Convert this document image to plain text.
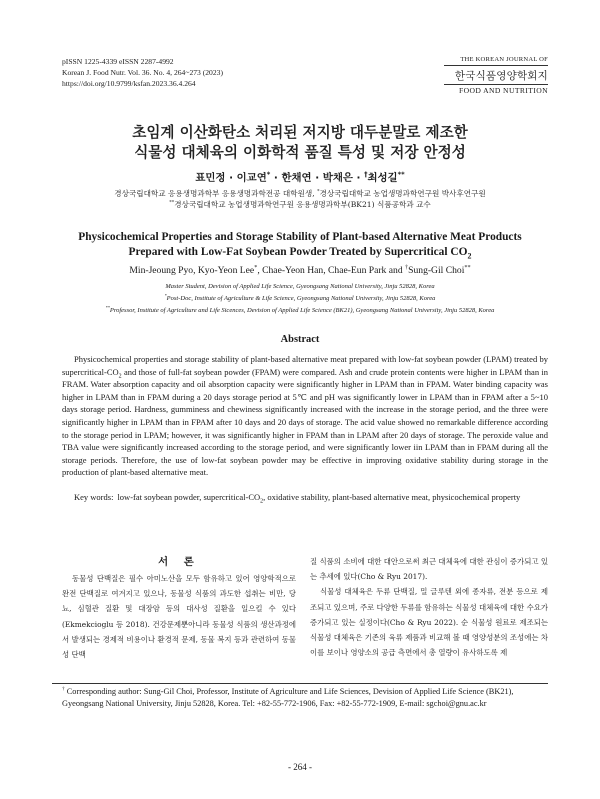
pISSN 1225-4339 eISSN 2287-4992
Korean J. Food Nutr. Vol. 36. No. 4, 264~273 (2023)
https://doi.org/10.9799/ksfan.2023.36.4.264
THE KOREAN JOURNAL OF
한국식품영양학회지
FOOD AND NUTRITION
초임계 이산화탄소 처리된 저지방 대두분말로 제조한
식물성 대체육의 이화학적 품질 특성 및 저장 안정성
표민정 · 이교연* · 한채연 · 박채은 · †최성길**
경상국립대학교 응용생명과학부 응용생명과학전공 대학원생, *경상국립대학교 농업생명과학연구원 박사후연구원
**경상국립대학교 농업생명과학연구원 응용생명과학부(BK21) 식품공학과 교수
Physicochemical Properties and Storage Stability of Plant-based Alternative Meat Products
Prepared with Low-Fat Soybean Powder Treated by Supercritical $CO_2$
Min-Jeoung Pyo, Kyo-Yeon Lee*, Chae-Yeon Han, Chae-Eun Park and †Sung-Gil Choi**
Master Student, Devision of Applied Life Science, Gyeongsang National University, Jinju 52828, Korea
*Post-Doc, Institute of Agriculture & Life Science, Gyeongsang National University, Jinju 52828, Korea
**Professor, Institute of Agriculture and Life Sicences, Devision of Applied Life Science (BK21), Gyeongsang National University, Jinju 52828, Korea
Abstract
Physicochemical properties and storage stability of plant-based alternative meat prepared with low-fat soybean powder (LPAM) treated by supercritical-$CO_2$ and those of full-fat soybean powder (FPAM) were compared. Ash and crude protein contents were higher in LPAM than in FRAM. Water absorption capacity and oil absorption capacity were significantly higher in LPAM than in FPAM. Water binding capacity was higher in LPAM than in FPAM during a 20 days storage period at 5℃ and pH was significantly lower in LPAM than in FPAM after a 5~10 days storage period. Hardness, gumminess and chewiness significantly increased with the increase in the storage period, and the three were significantly higher in LPAM than in FPAM after 10 days and 20 days of storage. The acid value showed no remarkable difference according to the storage period in LPAM; however, it was significantly higher in FPAM than in LPAM after 20 days of storage. The peroxide value and TBA value were significantly increased according to the storage period, and were significantly lower iin LPAM than in FPAM during all the storage periods. Therefore, the use of low-fat soybean powder may be effective in improving oxidative stability during storage in the production of plant-based alternative meat.
Key words: low-fat soybean powder, supercritical-$CO_2$, oxidative stability, plant-based alternative meat, physicochemical property
서 론

동물성 단백질은 필수 아미노산을 모두 함유하고 있어 영양학적으로 완전 단백질로 여겨지고 있으나, 동물성 식품의 과도한 섭취는 비만, 당뇨, 심혈관 질환 및 대장암 등의 대사성 질환을 일으킬 수 있다(Ekmekcioglu 등 2018). 건강문제뿐아니라 동물성 식품의 생산과정에서 발생되는 경제적 비용이나 환경적 문제, 동물 복지 등과 관련하여 동물성 단백

질 식품의 소비에 대한 대안으로써 최근 대체육에 대한 관심이 증가되고 있는 추세에 있다(Cho & Ryu 2017).

식물성 대체육은 두류 단백질, 밀 글루텐 외에 종자류, 전분 등으로 제조되고 있으며, 주로 다양한 두류를 함유하는 식물성 대체육에 대한 수요가 증가되고 있는 실정이다(Cho & Ryu 2022). 순 식물성 원료로 제조되는 식물성 대체육은 기존의 육류 제품과 비교해 볼 때 영양성분의 조성에는 차이를 보이나 영양소의 공급 측면에서 총 열량이 유사하도록 제

† Corresponding author: Sung-Gil Choi, Professor, Institute of Agriculture and Life Sciences, Devision of Applied Life Science (BK21), Gyeongsang National University, Jinju 52828, Korea. Tel: +82-55-772-1906, Fax: +82-55-772-1909, E-mail: sgchoi@gnu.ac.kr
- 264 -
